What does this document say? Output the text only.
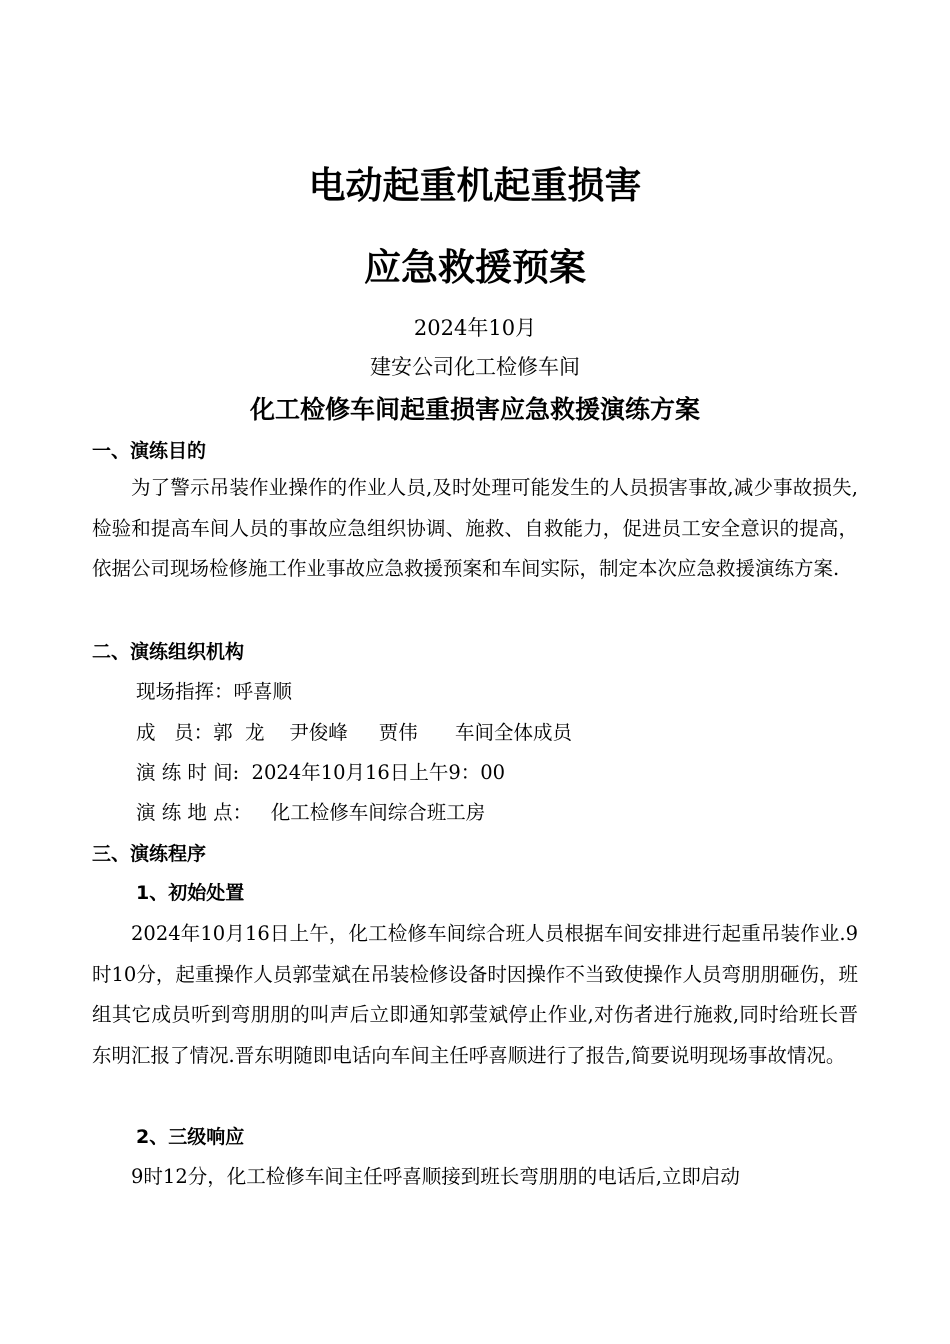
电动起重机起重损害
应急救援预案
2024年10月
建安公司化工检修车间
化工检修车间起重损害应急救援演练方案
一、演练目的
为了警示吊装作业操作的作业人员,及时处理可能发生的人员损害事故,减少事故损失,检验和提高车间人员的事故应急组织协调、施救、自救能力，促进员工安全意识的提高，依据公司现场检修施工作业事故应急救援预案和车间实际，制定本次应急救援演练方案.
二、演练组织机构
现场指挥：呼喜顺
成   员：郭  龙    尹俊峰     贾伟      车间全体成员
演 练 时 间:  2024年10月16日上午9：00
演 练 地 点：   化工检修车间综合班工房
三、演练程序
1、初始处置
2024年10月16日上午，化工检修车间综合班人员根据车间安排进行起重吊装作业.9时10分，起重操作人员郭莹斌在吊装检修设备时因操作不当致使操作人员弯朋朋砸伤，班组其它成员听到弯朋朋的叫声后立即通知郭莹斌停止作业,对伤者进行施救,同时给班长晋东明汇报了情况.晋东明随即电话向车间主任呼喜顺进行了报告,简要说明现场事故情况。
2、三级响应
9时12分，化工检修车间主任呼喜顺接到班长弯朋朋的电话后,立即启动
